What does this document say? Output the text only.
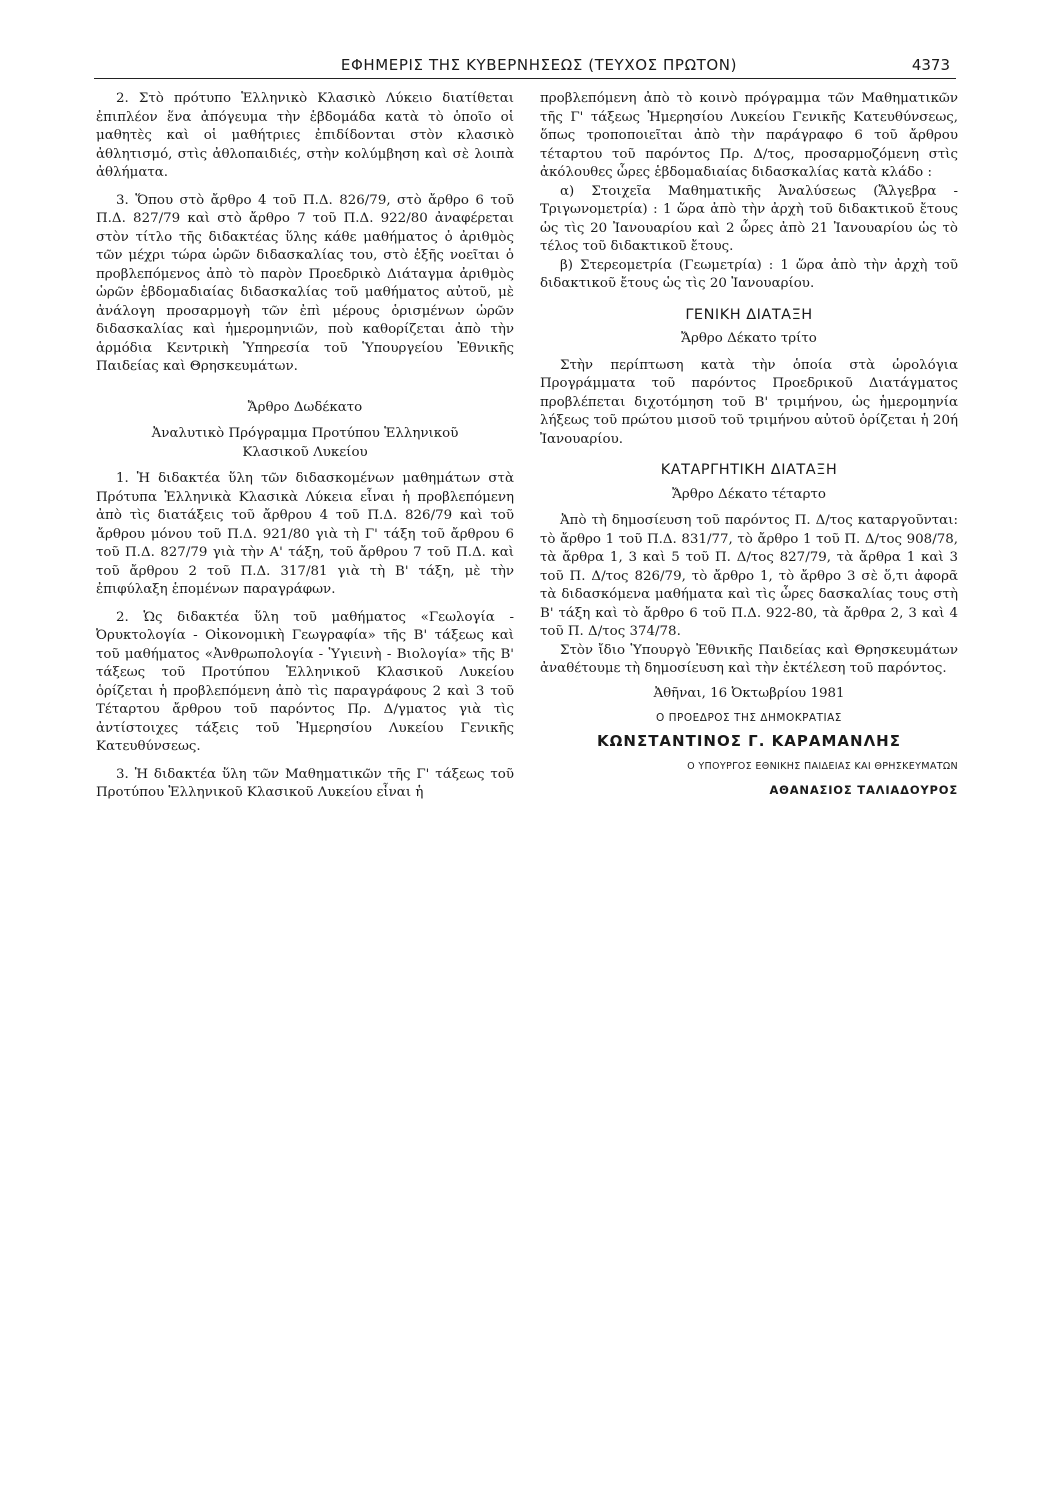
ΕΦΗΜΕΡΙΣ ΤΗΣ ΚΥΒΕΡΝΗΣΕΩΣ (ΤΕΥΧΟΣ ΠΡΩΤΟΝ)	4373

2. Στὸ πρότυπο Ἑλληνικὸ Κλασικὸ Λύκειο διατίθεται ἐπιπλέον ἕνα ἀπόγευμα τὴν ἑβδομάδα κατὰ τὸ ὁποῖο οἱ μαθητὲς καὶ οἱ μαθήτριες ἐπιδίδονται στὸν κλασικὸ ἀθλητισμό, στὶς ἀθλοπαιδιές, στὴν κολύμβηση καὶ σὲ λοιπὰ ἀθλήματα.

3. Ὅπου στὸ ἄρθρο 4 τοῦ Π.Δ. 826/79, στὸ ἄρθρο 6 τοῦ Π.Δ. 827/79 καὶ στὸ ἄρθρο 7 τοῦ Π.Δ. 922/80 ἀναφέρεται στὸν τίτλο τῆς διδακτέας ὕλης κάθε μαθήματος ὁ ἀριθμὸς τῶν μέχρι τώρα ὡρῶν διδασκαλίας του, στὸ ἑξῆς νοεῖται ὁ προβλεπόμενος ἀπὸ τὸ παρὸν Προεδρικὸ Διάταγμα ἀριθμὸς ὡρῶν ἑβδομαδιαίας διδασκαλίας τοῦ μαθήματος αὐτοῦ, μὲ ἀνάλογη προσαρμογὴ τῶν ἐπὶ μέρους ὁρισμένων ὡρῶν διδασκαλίας καὶ ἡμερομηνιῶν, ποὺ καθορίζεται ἀπὸ τὴν ἁρμόδια Κεντρικὴ Ὑπηρεσία τοῦ Ὑπουργείου Ἐθνικῆς Παιδείας καὶ Θρησκευμάτων.

Ἄρθρο Δωδέκατο
Ἀναλυτικὸ Πρόγραμμα Προτύπου Ἑλληνικοῦ
Κλασικοῦ Λυκείου

1. Ἡ διδακτέα ὕλη τῶν διδασκομένων μαθημάτων στὰ Πρότυπα Ἑλληνικὰ Κλασικὰ Λύκεια εἶναι ἡ προβλεπόμενη ἀπὸ τὶς διατάξεις τοῦ ἄρθρου 4 τοῦ Π.Δ. 826/79 καὶ τοῦ ἄρθρου μόνου τοῦ Π.Δ. 921/80 γιὰ τὴ Γ' τάξη τοῦ ἄρθρου 6 τοῦ Π.Δ. 827/79 γιὰ τὴν Α' τάξη, τοῦ ἄρθρου 7 τοῦ Π.Δ. καὶ τοῦ ἄρθρου 2 τοῦ Π.Δ. 317/81 γιὰ τὴ Β' τάξη, μὲ τὴν ἐπιφύλαξη ἑπομένων παραγράφων.

2. Ὡς διδακτέα ὕλη τοῦ μαθήματος «Γεωλογία - Ὀρυκτολογία - Οἰκονομικὴ Γεωγραφία» τῆς Β' τάξεως καὶ τοῦ μαθήματος «Ἀνθρωπολογία - Ὑγιεινὴ - Βιολογία» τῆς Β' τάξεως τοῦ Προτύπου Ἑλληνικοῦ Κλασικοῦ Λυκείου ὁρίζεται ἡ προβλεπόμενη ἀπὸ τὶς παραγράφους 2 καὶ 3 τοῦ Τέταρτου ἄρθρου τοῦ παρόντος Πρ. Δ/γματος γιὰ τὶς ἀντίστοιχες τάξεις τοῦ Ἡμερησίου Λυκείου Γενικῆς Κατευθύνσεως.

3. Ἡ διδακτέα ὕλη τῶν Μαθηματικῶν τῆς Γ' τάξεως τοῦ Προτύπου Ἑλληνικοῦ Κλασικοῦ Λυκείου εἶναι ἡ

προβλεπόμενη ἀπὸ τὸ κοινὸ πρόγραμμα τῶν Μαθηματικῶν τῆς Γ' τάξεως Ἡμερησίου Λυκείου Γενικῆς Κατευθύνσεως, ὅπως τροποποιεῖται ἀπὸ τὴν παράγραφο 6 τοῦ ἄρθρου τέταρτου τοῦ παρόντος Πρ. Δ/τος, προσαρμοζόμενη στὶς ἀκόλουθες ὧρες ἑβδομαδιαίας διδασκαλίας κατὰ κλάδο :

α) Στοιχεῖα Μαθηματικῆς Ἀναλύσεως (Ἄλγεβρα - Τριγωνομετρία) : 1 ὥρα ἀπὸ τὴν ἀρχὴ τοῦ διδακτικοῦ ἔτους ὡς τὶς 20 Ἰανουαρίου καὶ 2 ὧρες ἀπὸ 21 Ἰανουαρίου ὡς τὸ τέλος τοῦ διδακτικοῦ ἔτους.

β) Στερεομετρία (Γεωμετρία) : 1 ὥρα ἀπὸ τὴν ἀρχὴ τοῦ διδακτικοῦ ἔτους ὡς τὶς 20 Ἰανουαρίου.

ΓΕΝΙΚΗ ΔΙΑΤΑΞΗ
Ἄρθρο Δέκατο τρίτο

Στὴν περίπτωση κατὰ τὴν ὁποία στὰ ὡρολόγια Προγράμματα τοῦ παρόντος Προεδρικοῦ Διατάγματος προβλέπεται διχοτόμηση τοῦ Β' τριμήνου, ὡς ἡμερομηνία λήξεως τοῦ πρώτου μισοῦ τοῦ τριμήνου αὐτοῦ ὁρίζεται ἡ 20ή Ἰανουαρίου.

ΚΑΤΑΡΓΗΤΙΚΗ ΔΙΑΤΑΞΗ
Ἄρθρο Δέκατο τέταρτο

Ἀπὸ τὴ δημοσίευση τοῦ παρόντος Π. Δ/τος καταργοῦνται: τὸ ἄρθρο 1 τοῦ Π.Δ. 831/77, τὸ ἄρθρο 1 τοῦ Π. Δ/τος 908/78, τὰ ἄρθρα 1, 3 καὶ 5 τοῦ Π. Δ/τος 827/79, τὰ ἄρθρα 1 καὶ 3 τοῦ Π. Δ/τος 826/79, τὸ ἄρθρο 1, τὸ ἄρθρο 3 σὲ ὅ,τι ἀφορᾶ τὰ διδασκόμενα μαθήματα καὶ τὶς ὧρες δασκαλίας τους στὴ Β' τάξη καὶ τὸ ἄρθρο 6 τοῦ Π.Δ. 922-80, τὰ ἄρθρα 2, 3 καὶ 4 τοῦ Π. Δ/τος 374/78.

Στὸν ἴδιο Ὑπουργὸ Ἐθνικῆς Παιδείας καὶ Θρησκευμάτων ἀναθέτουμε τὴ δημοσίευση καὶ τὴν ἐκτέλεση τοῦ παρόντος.

Ἀθῆναι, 16 Ὀκτωβρίου 1981
Ο ΠΡΟΕΔΡΟΣ ΤΗΣ ΔΗΜΟΚΡΑΤΙΑΣ
ΚΩΝΣΤΑΝΤΙΝΟΣ Γ. ΚΑΡΑΜΑΝΛΗΣ
Ο ΥΠΟΥΡΓΟΣ ΕΘΝΙΚΗΣ ΠΑΙΔΕΙΑΣ ΚΑΙ ΘΡΗΣΚΕΥΜΑΤΩΝ
ΑΘΑΝΑΣΙΟΣ ΤΑΛΙΑΔΟΥΡΟΣ
